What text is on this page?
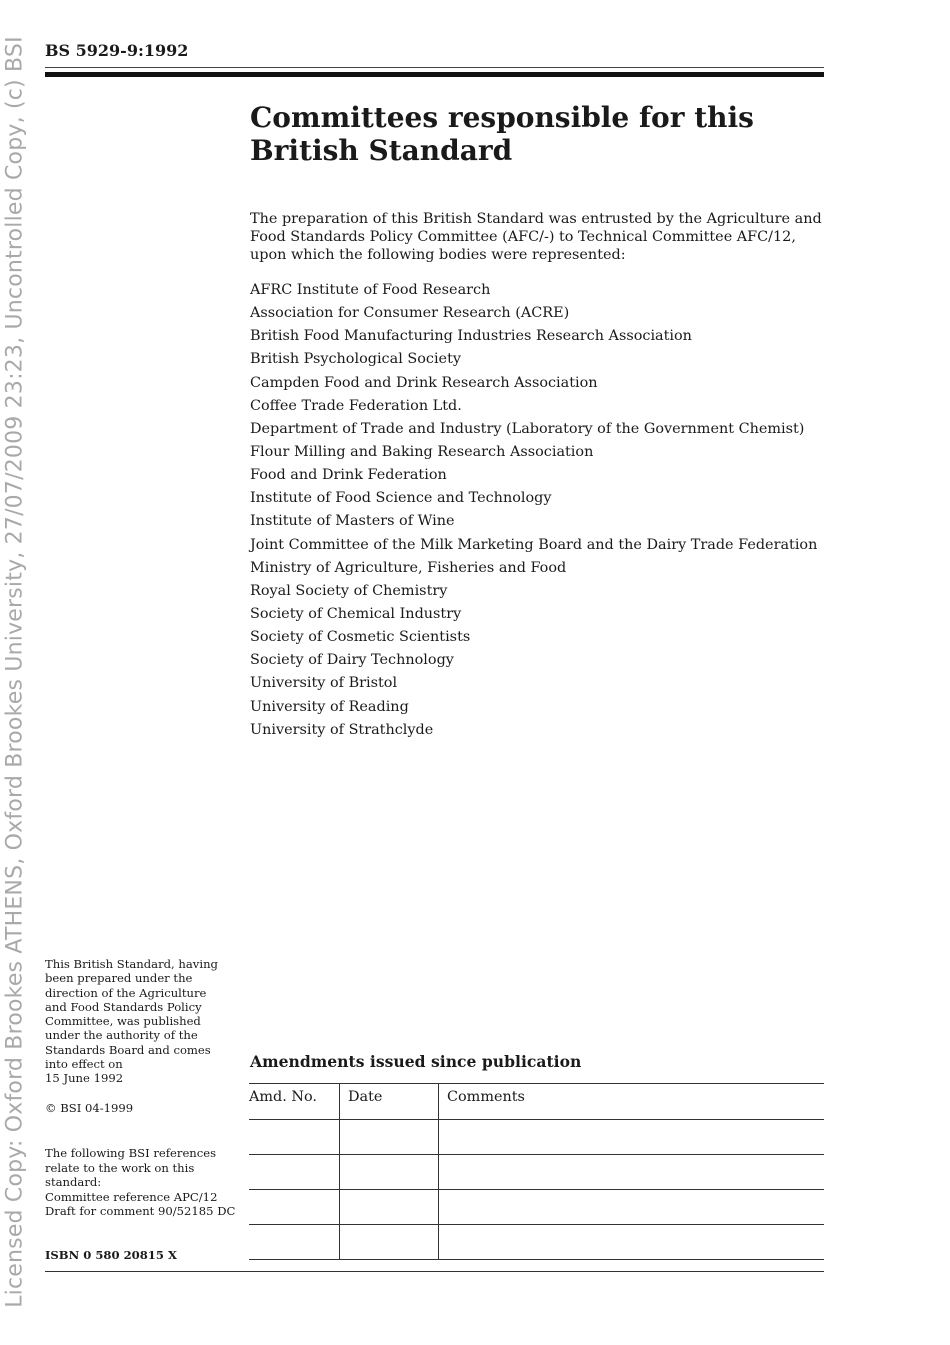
Licensed Copy: Oxford Brookes ATHENS, Oxford Brookes University, 27/07/2009 23:23, Uncontrolled Copy, (c) BSI BS 5929-9:1992
Committees responsible for this
British Standard

The preparation of this British Standard was entrusted by the Agriculture and
Food Standards Policy Committee (AFC/-) to Technical Committee AFC/12,
upon which the following bodies were represented:

AFRC Institute of Food Research
Association for Consumer Research (ACRE)
British Food Manufacturing Industries Research Association
British Psychological Society
Campden Food and Drink Research Association
Coffee Trade Federation Ltd.
Department of Trade and Industry (Laboratory of the Government Chemist)
Flour Milling and Baking Research Association
Food and Drink Federation
Institute of Food Science and Technology
Institute of Masters of Wine
Joint Committee of the Milk Marketing Board and the Dairy Trade Federation
Ministry of Agriculture, Fisheries and Food
Royal Society of Chemistry
Society of Chemical Industry
Society of Cosmetic Scientists
Society of Dairy Technology
University of Bristol
University of Reading
University of Strathclyde

This British Standard, having
been prepared under the
direction of the Agriculture
and Food Standards Policy
Committee, was published
under the authority of the
Standards Board and comes
into effect on
15 June 1992

© BSI 04-1999

The following BSI references
relate to the work on this
standard:
Committee reference APC/12
Draft for comment 90/52185 DC

ISBN 0 580 20815 X

Amendments issued since publication
Amd. No.	Date	Comments
